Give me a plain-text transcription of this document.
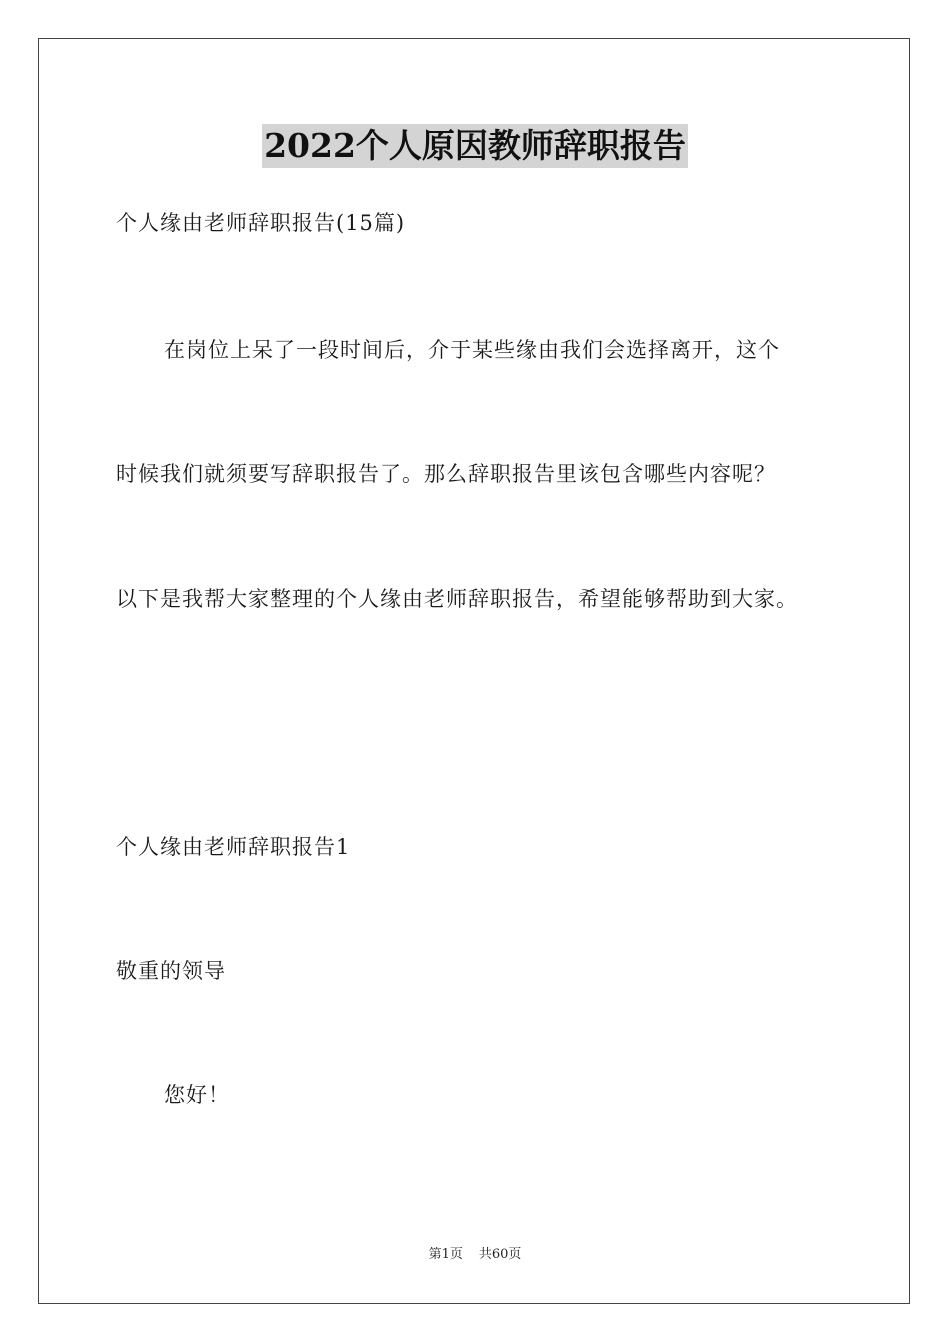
2022个人原因教师辞职报告
个人缘由老师辞职报告(15篇)
在岗位上呆了一段时间后，介于某些缘由我们会选择离开，这个
时候我们就须要写辞职报告了。那么辞职报告里该包含哪些内容呢？
以下是我帮大家整理的个人缘由老师辞职报告，希望能够帮助到大家。
个人缘由老师辞职报告1
敬重的领导
您好！
第1页 共60页
